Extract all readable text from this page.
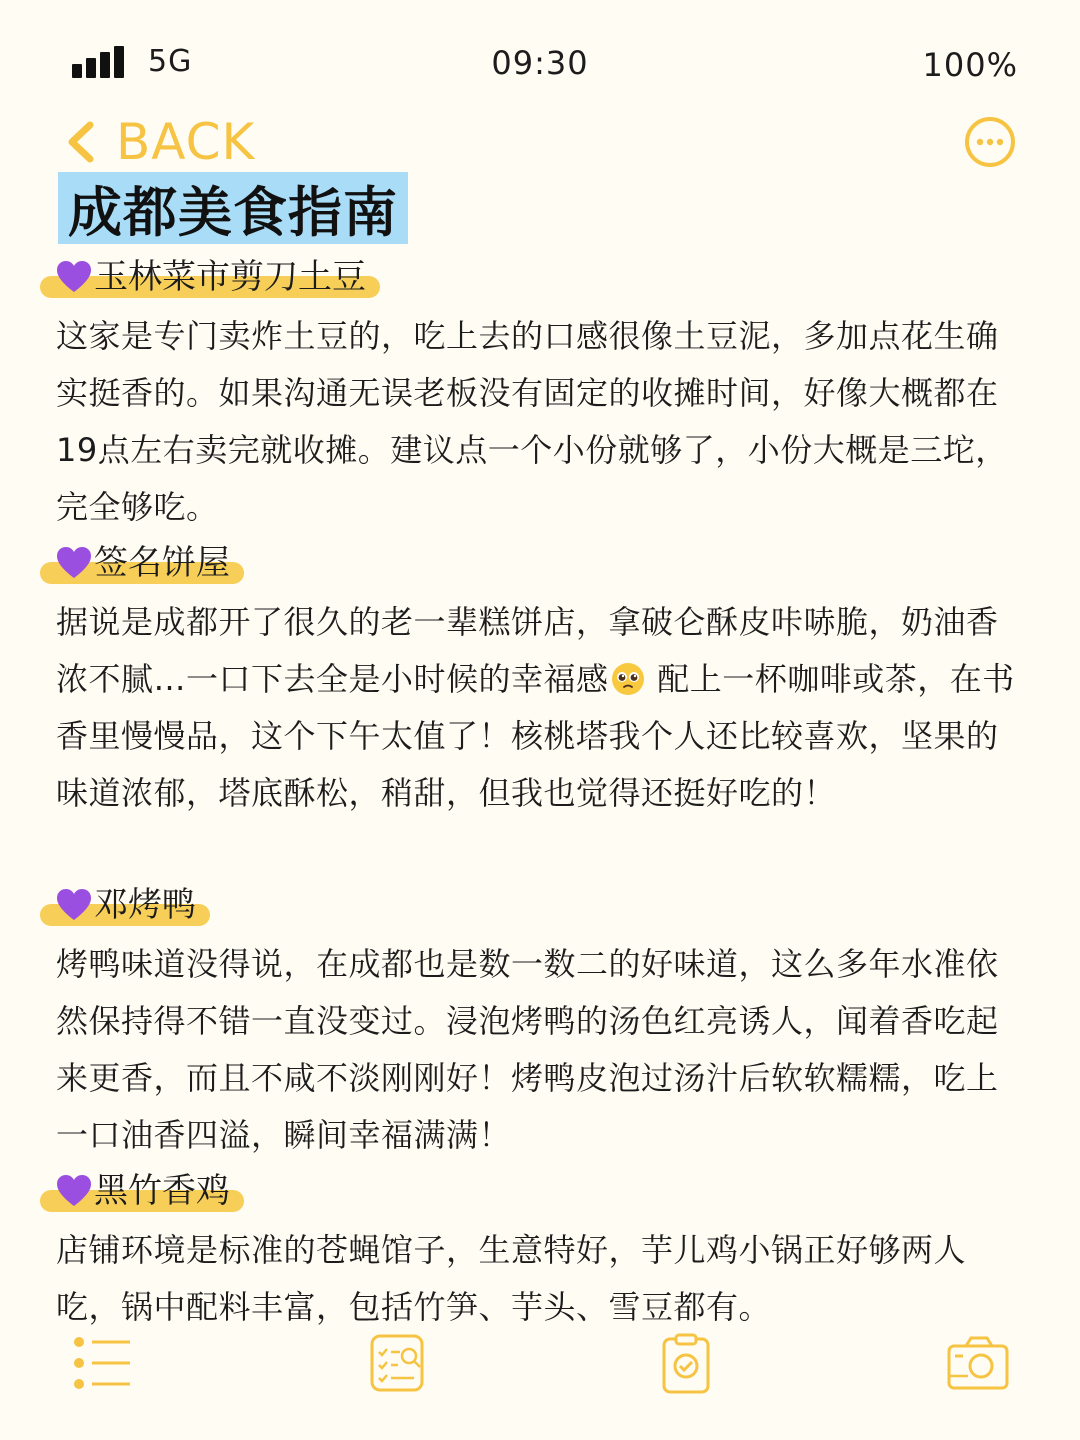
5G	09:30	100%
BACK
成都美食指南
玉林菜市剪刀土豆

这家是专门卖炸土豆的，吃上去的口感很像土豆泥，多加点花生确实挺香的。如果沟通无误老板没有固定的收摊时间，好像大概都在19点左右卖完就收摊。建议点一个小份就够了，小份大概是三坨，完全够吃。

签名饼屋

据说是成都开了很久的老一辈糕饼店，拿破仑酥皮咔哧脆，奶油香浓不腻…一口下去全是小时候的幸福感 配上一杯咖啡或茶，在书香里慢慢品，这个下午太值了！核桃塔我个人还比较喜欢，坚果的味道浓郁，塔底酥松，稍甜，但我也觉得还挺好吃的！

邓烤鸭

烤鸭味道没得说，在成都也是数一数二的好味道，这么多年水准依然保持得不错一直没变过。浸泡烤鸭的汤色红亮诱人，闻着香吃起来更香，而且不咸不淡刚刚好！烤鸭皮泡过汤汁后软软糯糯，吃上一口油香四溢，瞬间幸福满满！

黑竹香鸡

店铺环境是标准的苍蝇馆子，生意特好，芋儿鸡小锅正好够两人吃，锅中配料丰富，包括竹笋、芋头、雪豆都有。
